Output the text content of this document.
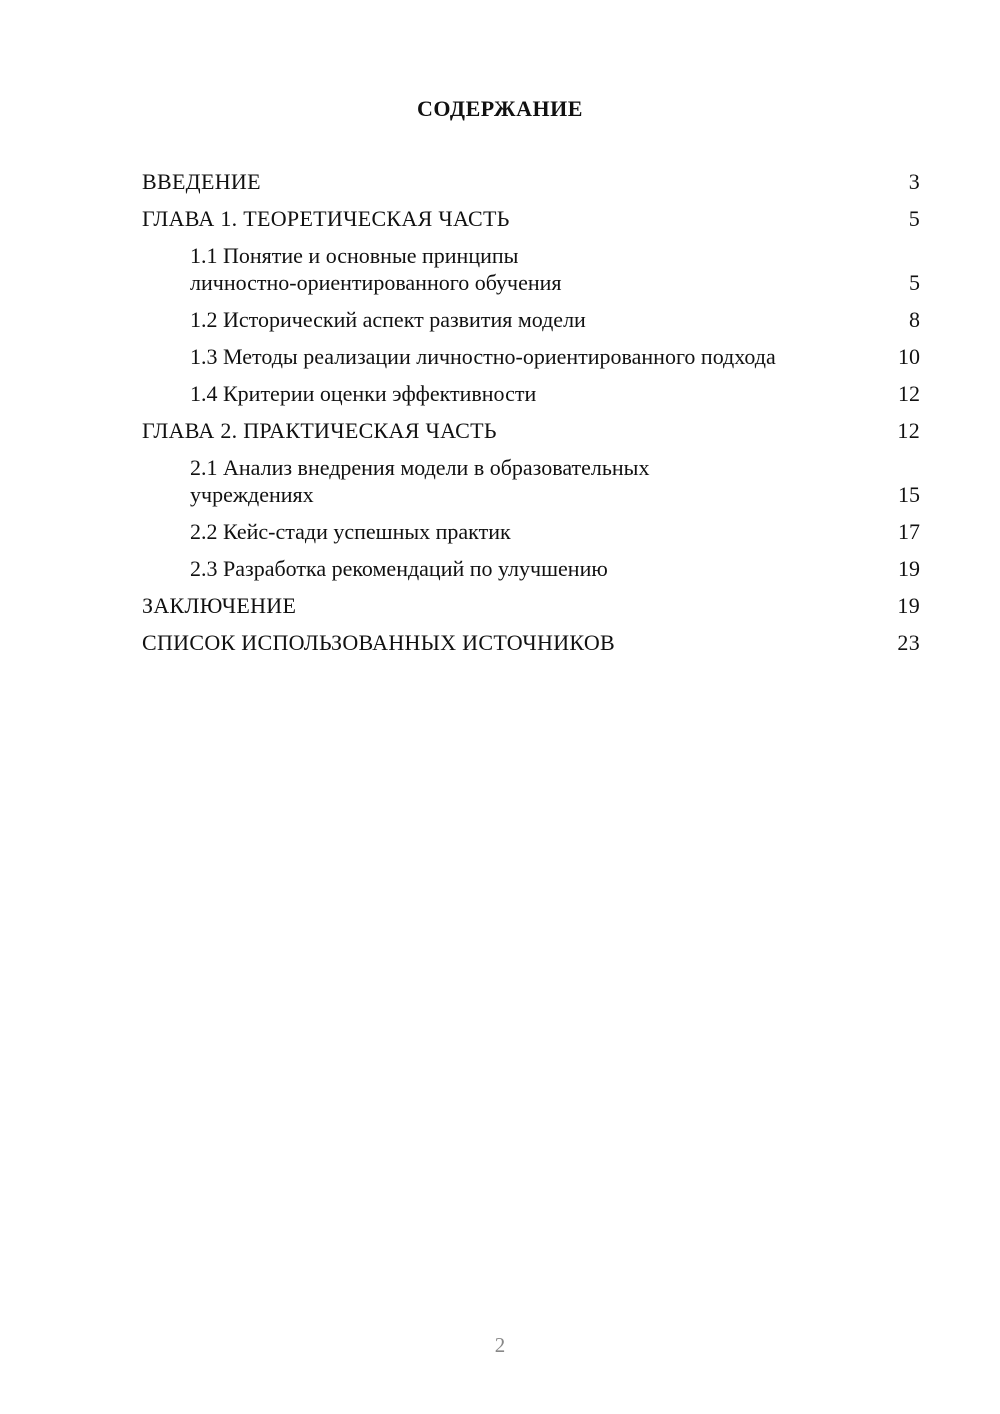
СОДЕРЖАНИЕ
ВВЕДЕНИЕ	3
ГЛАВА 1. ТЕОРЕТИЧЕСКАЯ ЧАСТЬ	5
1.1 Понятие и основные принципы личностно-ориентированного обучения	5
1.2 Исторический аспект развития модели	8
1.3 Методы реализации личностно-ориентированного подхода	10
1.4 Критерии оценки эффективности	12
ГЛАВА 2. ПРАКТИЧЕСКАЯ ЧАСТЬ	12
2.1 Анализ внедрения модели в образовательных учреждениях	15
2.2 Кейс-стади успешных практик	17
2.3 Разработка рекомендаций по улучшению	19
ЗАКЛЮЧЕНИЕ	19
СПИСОК ИСПОЛЬЗОВАННЫХ ИСТОЧНИКОВ	23
2
